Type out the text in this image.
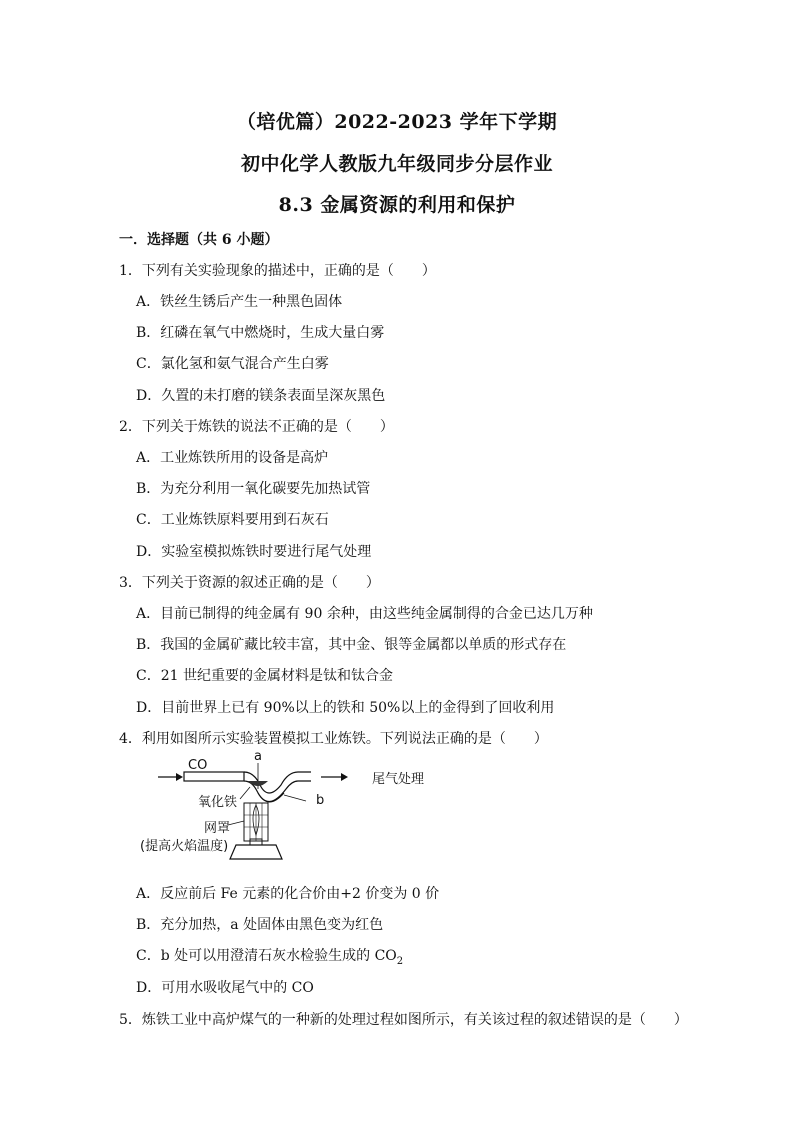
（培优篇）2022-2023 学年下学期
初中化学人教版九年级同步分层作业
8.3 金属资源的利用和保护
一．选择题（共 6 小题）
1．下列有关实验现象的描述中，正确的是（　　）
A．铁丝生锈后产生一种黑色固体
B．红磷在氧气中燃烧时，生成大量白雾
C．氯化氢和氨气混合产生白雾
D．久置的未打磨的镁条表面呈深灰黑色
2．下列关于炼铁的说法不正确的是（　　）
A．工业炼铁所用的设备是高炉
B．为充分利用一氧化碳要先加热试管
C．工业炼铁原料要用到石灰石
D．实验室模拟炼铁时要进行尾气处理
3．下列关于资源的叙述正确的是（　　）
A．目前已制得的纯金属有 90 余种，由这些纯金属制得的合金已达几万种
B．我国的金属矿藏比较丰富，其中金、银等金属都以单质的形式存在
C．21 世纪重要的金属材料是钛和钛合金
D．目前世界上已有 90%以上的铁和 50%以上的金得到了回收利用
4．利用如图所示实验装置模拟工业炼铁。下列说法正确的是（　　）
CO
a
尾气处理
氧化铁	b
网罩
(提高火焰温度)
A．反应前后 Fe 元素的化合价由+2 价变为 0 价
B．充分加热，a 处固体由黑色变为红色
C．b 处可以用澄清石灰水检验生成的 $CO_2$
D．可用水吸收尾气中的 CO
5．炼铁工业中高炉煤气的一种新的处理过程如图所示，有关该过程的叙述错误的是（　　）
